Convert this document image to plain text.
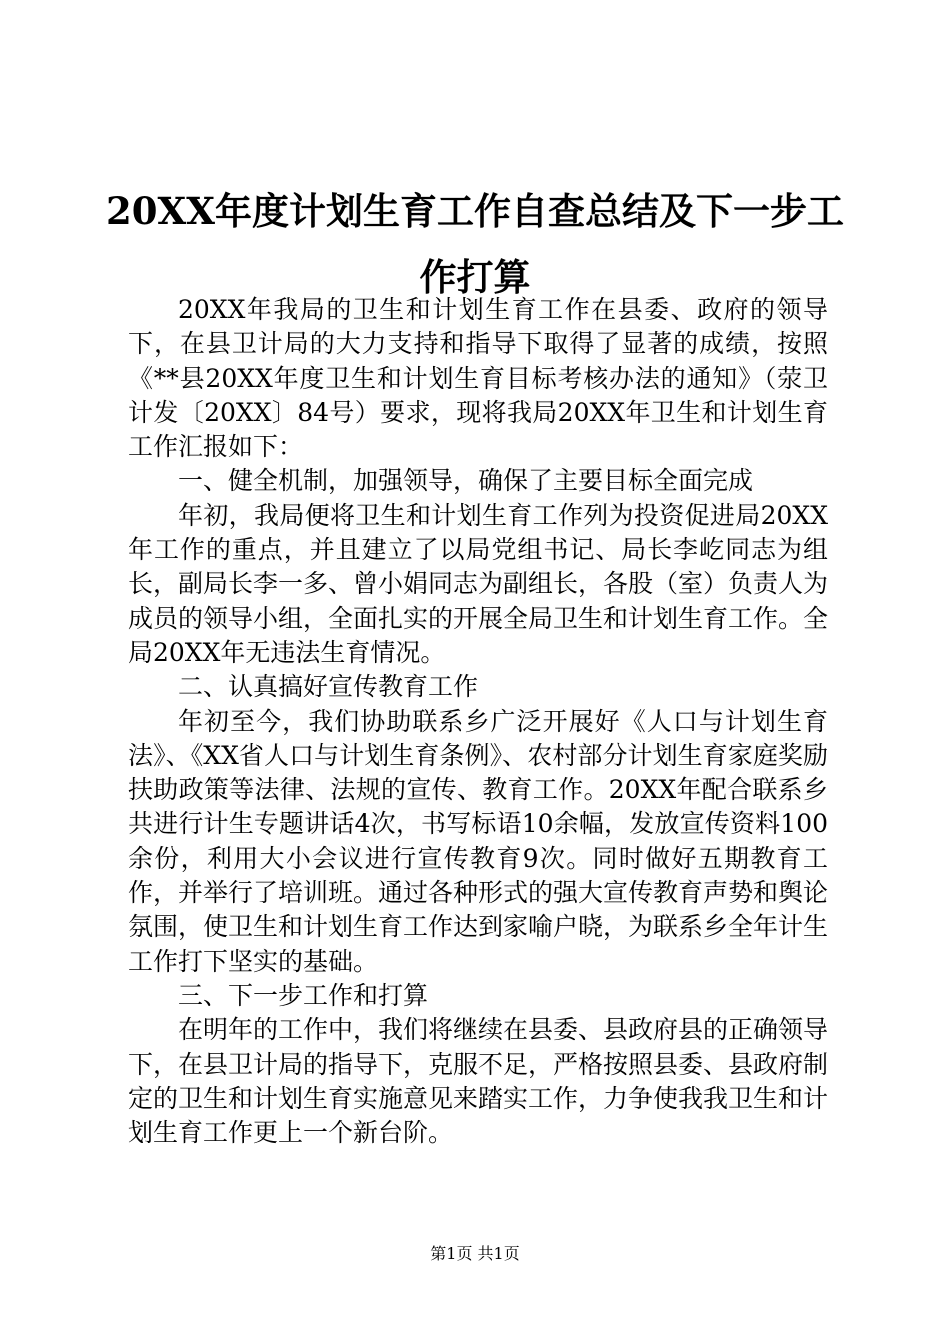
20XX年度计划生育工作自查总结及下一步工作打算

20XX年我局的卫生和计划生育工作在县委、政府的领导下，在县卫计局的大力支持和指导下取得了显著的成绩，按照《**县20XX年度卫生和计划生育目标考核办法的通知》（荥卫计发〔20XX〕84号）要求，现将我局20XX年卫生和计划生育工作汇报如下：

一、健全机制，加强领导，确保了主要目标全面完成

年初，我局便将卫生和计划生育工作列为投资促进局20XX年工作的重点，并且建立了以局党组书记、局长李屹同志为组长，副局长李一多、曾小娟同志为副组长，各股（室）负责人为成员的领导小组，全面扎实的开展全局卫生和计划生育工作。全局20XX年无违法生育情况。

二、认真搞好宣传教育工作

年初至今，我们协助联系乡广泛开展好《人口与计划生育法》、《XX省人口与计划生育条例》、农村部分计划生育家庭奖励扶助政策等法律、法规的宣传、教育工作。20XX年配合联系乡共进行计生专题讲话4次，书写标语10余幅，发放宣传资料100余份，利用大小会议进行宣传教育9次。同时做好五期教育工作，并举行了培训班。通过各种形式的强大宣传教育声势和舆论氛围，使卫生和计划生育工作达到家喻户晓，为联系乡全年计生工作打下坚实的基础。

三、下一步工作和打算

在明年的工作中，我们将继续在县委、县政府县的正确领导下，在县卫计局的指导下，克服不足，严格按照县委、县政府制定的卫生和计划生育实施意见来踏实工作，力争使我我卫生和计划生育工作更上一个新台阶。

第1页 共1页
